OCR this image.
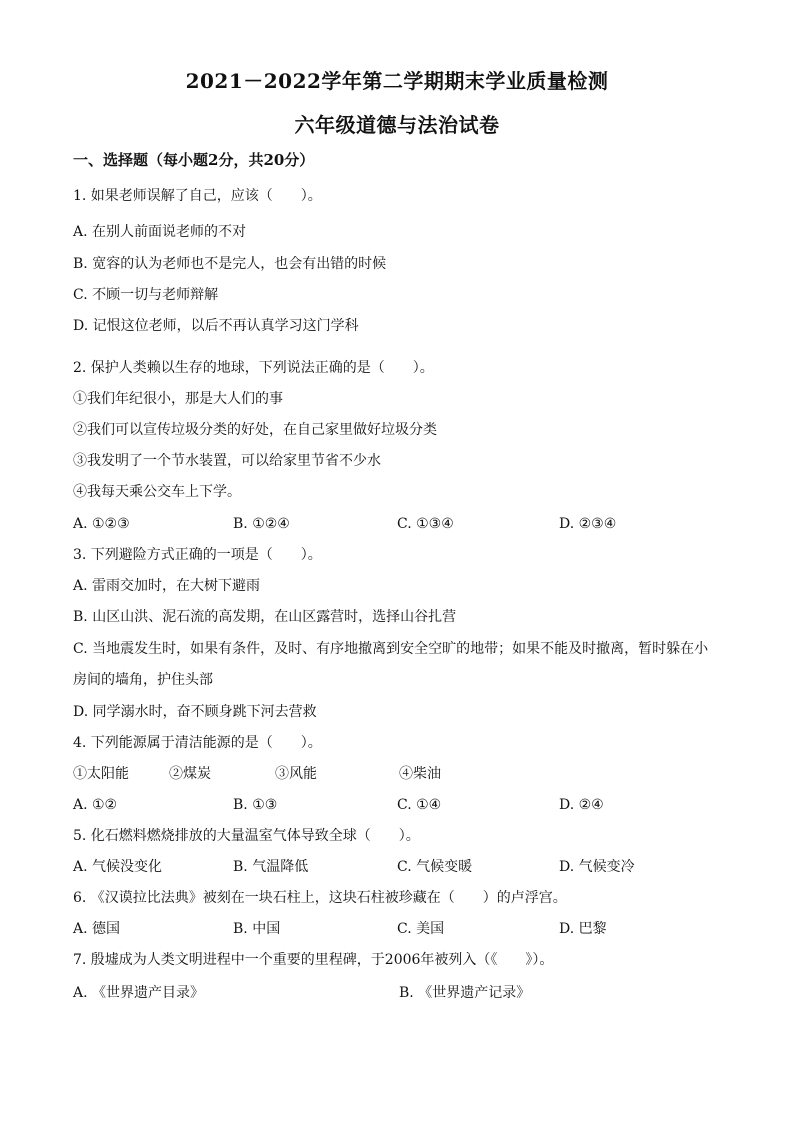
2021－2022学年第二学期期末学业质量检测
六年级道德与法治试卷
一、选择题（每小题2分，共20分）
1. 如果老师误解了自己，应该（　　）。
A. 在别人前面说老师的不对
B. 宽容的认为老师也不是完人，也会有出错的时候
C. 不顾一切与老师辩解
D. 记恨这位老师，以后不再认真学习这门学科
2. 保护人类赖以生存的地球，下列说法正确的是（　　）。
①我们年纪很小，那是大人们的事
②我们可以宣传垃圾分类的好处，在自己家里做好垃圾分类
③我发明了一个节水装置，可以给家里节省不少水
④我每天乘公交车上下学。
A. ①②③	B. ①②④	C. ①③④	D. ②③④
3. 下列避险方式正确的一项是（　　）。
A. 雷雨交加时，在大树下避雨
B. 山区山洪、泥石流的高发期，在山区露营时，选择山谷扎营
C. 当地震发生时，如果有条件，及时、有序地撤离到安全空旷的地带；如果不能及时撤离，暂时躲在小
房间的墙角，护住头部
D. 同学溺水时，奋不顾身跳下河去营救
4. 下列能源属于清洁能源的是（　　）。
①太阳能	②煤炭	③风能	④柴油
A. ①②	B. ①③	C. ①④	D. ②④
5. 化石燃料燃烧排放的大量温室气体导致全球（　　）。
A. 气候没变化	B. 气温降低	C. 气候变暖	D. 气候变冷
6. 《汉谟拉比法典》被刻在一块石柱上，这块石柱被珍藏在（　　）的卢浮宫。
A. 德国	B. 中国	C. 美国	D. 巴黎
7. 殷墟成为人类文明进程中一个重要的里程碑，于2006年被列入（《　　》）。
A. 《世界遗产目录》	B. 《世界遗产记录》
